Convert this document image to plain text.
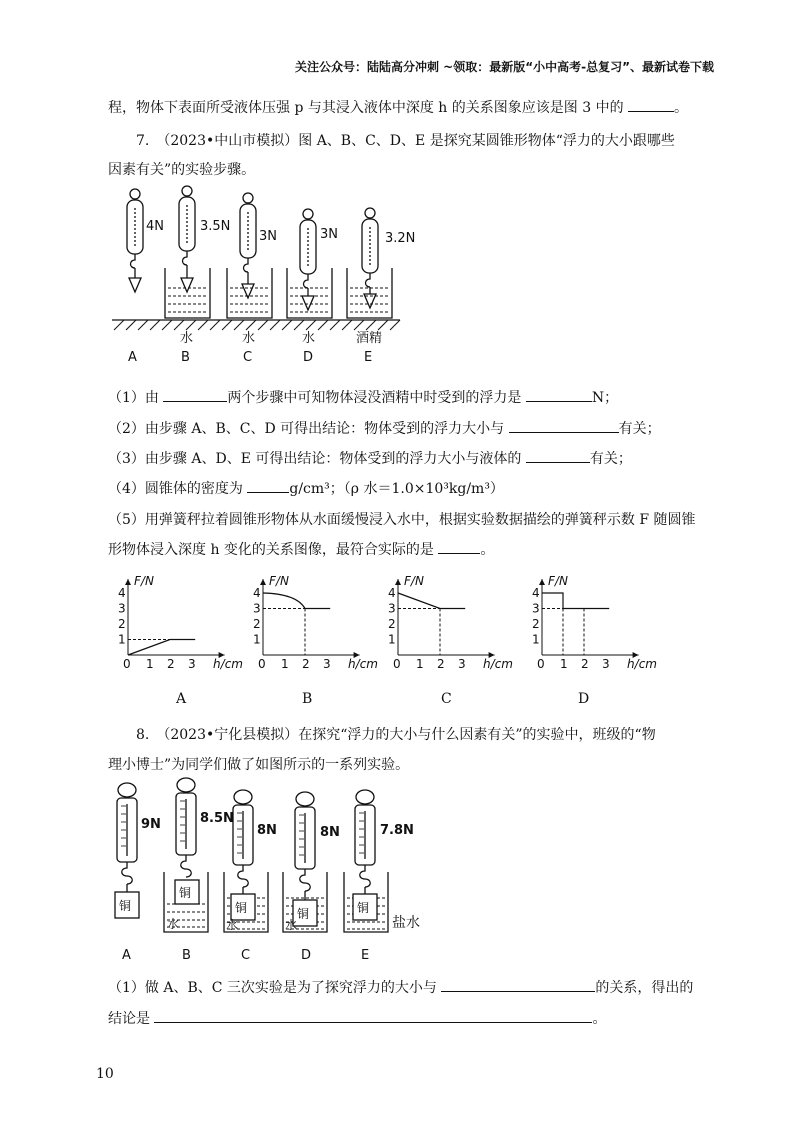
关注公众号：陆陆高分冲刺 ~领取：最新版“小中高考-总复习”、最新试卷下载
程，物体下表面所受液体压强 p 与其浸入液体中深度 h 的关系图象应该是图 3 中的	。
7.　（2023•中山市模拟）图 A、B、C、D、E 是探究某圆锥形物体“浮力的大小跟哪些
因素有关”的实验步骤。
4N	3.5N
3N	3N	3.2N
水	水	水	酒精
A	B	C	D	E
（1）由	两个步骤中可知物体浸没酒精中时受到的浮力是	N；
（2）由步骤 A、B、C、D 可得出结论：物体受到的浮力大小与	有关；
（3）由步骤 A、D、E 可得出结论：物体受到的浮力大小与液体的	有关；
（4）圆锥体的密度为	g/cm³；（ρ 水＝1.0×10³kg/m³）
（5）用弹簧秤拉着圆锥形物体从水面缓慢浸入水中，根据实验数据描绘的弹簧秤示数 F 随圆锥
形物体浸入深度 h 变化的关系图像，最符合实际的是	。
F/N
h/cm
1
2
3
4
0 1 2 3
F/N
h/cm
1
2
3
4
0 1 2 3
F/N
h/cm
1
2
3
4
0 1 2 3
F/N
h/cm
1
2
3
4
0 1 2 3
A	B	C	D
8.　（2023•宁化县模拟）在探究“浮力的大小与什么因素有关”的实验中，班级的“物
理小博士”为同学们做了如图所示的一系列实验。
9N	8.5N
8N	8N	7.8N
铜
铜
铜	铜	铜
水	水	水	盐水
A	B	C	D	E
（1）做 A、B、C 三次实验是为了探究浮力的大小与	的关系，得出的
结论是	。
10
